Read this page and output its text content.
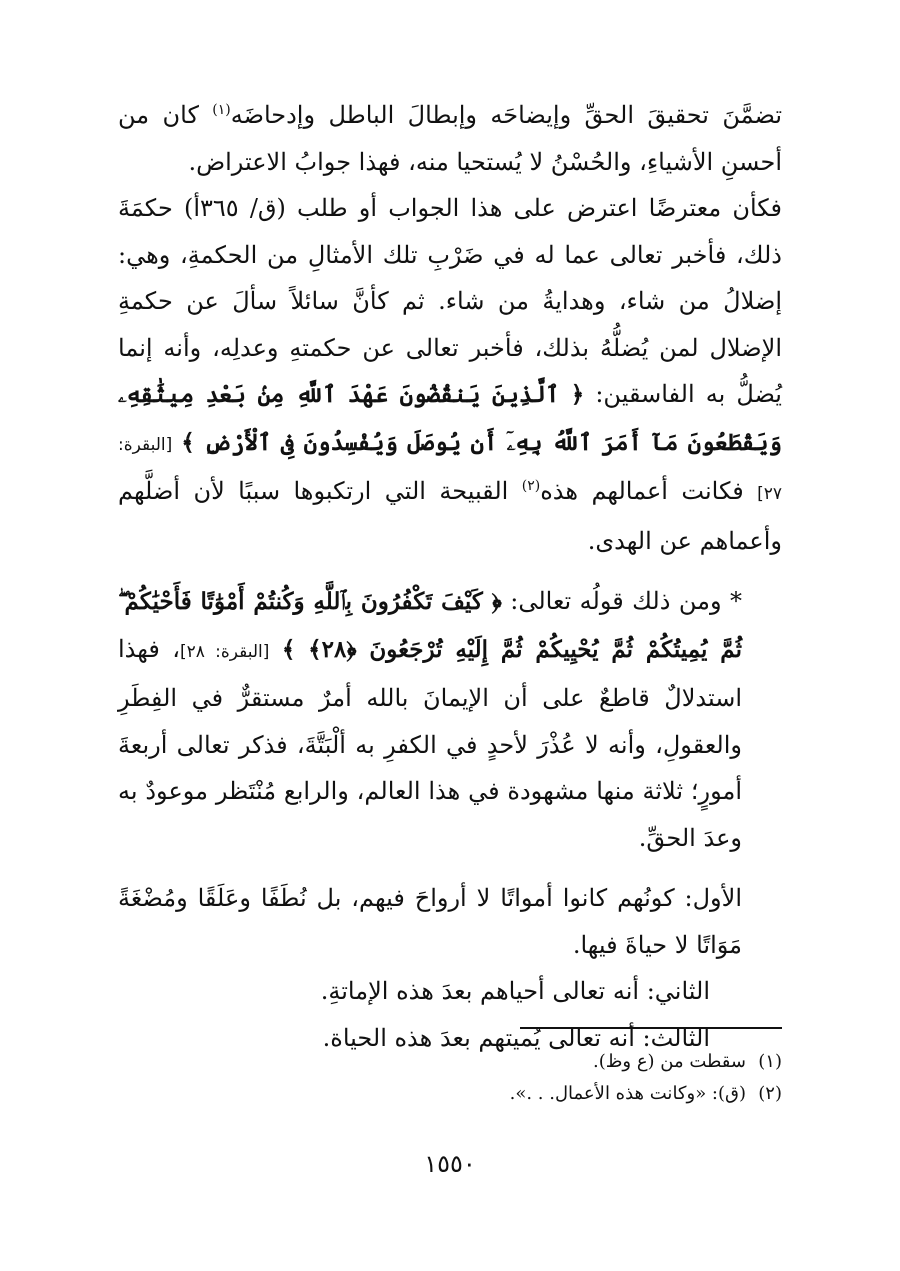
تضمَّنَ تحقيقَ الحقِّ وإيضاحَه وإبطالَ الباطل وإدحاضَه$^{(١)}$ كان من أحسنِ الأشياءِ، والحُسْنُ لا يُستحيا منه، فهذا جوابُ الاعتراض.

فكأن معترضًا اعترض على هذا الجواب أو طلب (ق/ ٣٦٥أ) حكمَةَ ذلك، فأخبر تعالى عما له في ضَرْبِ تلك الأمثالِ من الحكمةِ، وهي: إضلالُ من شاء، وهدايةُ من شاء. ثم كأنَّ سائلاً سألَ عن حكمةِ الإضلال لمن يُضلُّهُ بذلك، فأخبر تعالى عن حكمتهِ وعدلِه، وأنه إنما يُضلُّ به الفاسقين: ﴿ ٱلَّذِينَ يَنقُضُونَ عَهْدَ ٱللَّهِ مِنۢ بَعْدِ مِيثَٰقِهِۦ وَيَقْطَعُونَ مَآ أَمَرَ ٱللَّهُ بِهِۦٓ أَن يُوصَلَ وَيُفْسِدُونَ فِى ٱلْأَرْضِ ﴾ [البقرة: ٢٧] فكانت أعمالهم هذه$^{(٢)}$ القبيحة التي ارتكبوها سببًا لأن أضلَّهم وأعماهم عن الهدى.

* ومن ذلك قولُه تعالى: ﴿ كَيْفَ تَكْفُرُونَ بِٱللَّهِ وَكُنتُمْ أَمْوَٰتًا فَأَحْيَٰكُمْ ۖ ثُمَّ يُمِيتُكُمْ ثُمَّ يُحْيِيكُمْ ثُمَّ إِلَيْهِ تُرْجَعُونَ ﴿٢٨﴾ ﴾ [البقرة: ٢٨]، فهذا استدلالٌ قاطعٌ على أن الإيمانَ بالله أمرٌ مستقرٌّ في الفِطَرِ والعقولِ، وأنه لا عُذْرَ لأحدٍ في الكفرِ به ألْبَتَّةَ، فذكر تعالى أربعةَ أمورٍ؛ ثلاثة منها مشهودة في هذا العالم، والرابع مُنْتَظر موعودٌ به وعدَ الحقِّ.

الأول: كونُهم كانوا أمواتًا لا أرواحَ فيهم، بل نُطَفًا وعَلَقًا ومُضْغَةً مَوَاتًا لا حياةَ فيها.

الثاني: أنه تعالى أحياهم بعدَ هذه الإماتةِ.

الثالث: أنه تعالى يُميتهم بعدَ هذه الحياة.

(١)
سقطت من (ع وظ).
(٢)
(ق): «وكانت هذه الأعمال. . .».
١٥٥٠
